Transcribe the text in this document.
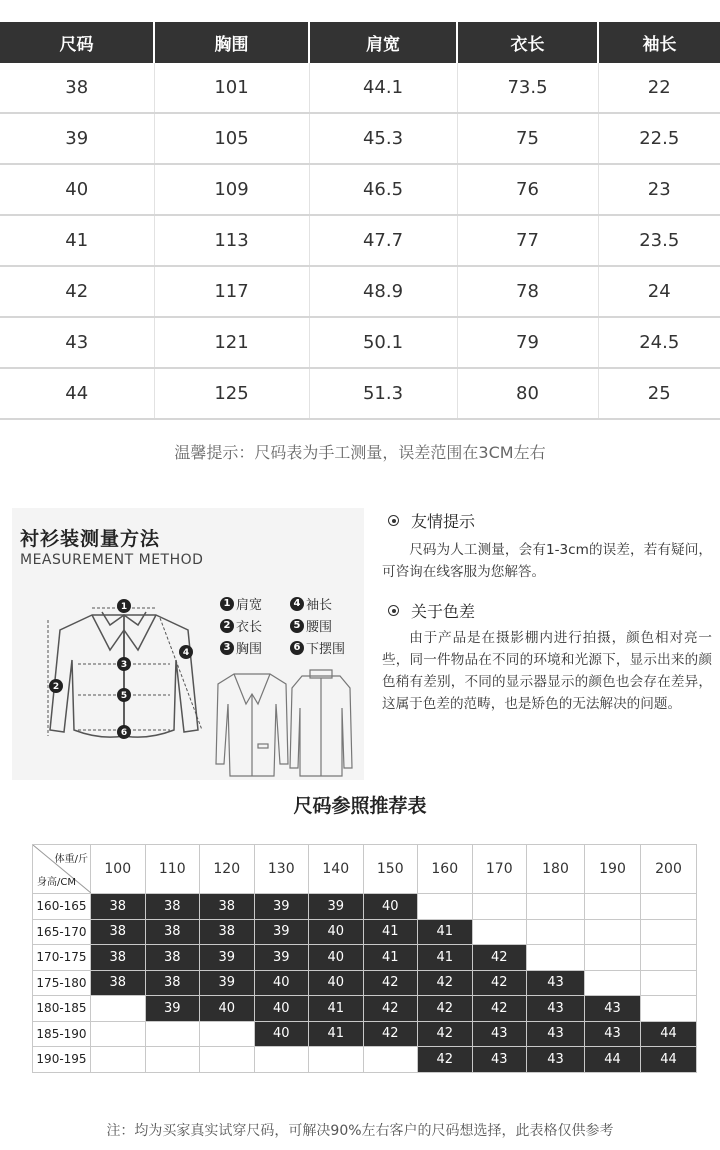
尺码	胸围	肩宽	衣长	袖长
38	101	44.1	73.5	22
39	105	45.3	75	22.5
40	109	46.5	76	23
41	113	47.7	77	23.5
42	117	48.9	78	24
43	121	50.1	79	24.5
44	125	51.3	80	25
温馨提示：尺码表为手工测量，误差范围在3CM左右
衬衫装测量方法
MEASUREMENT METHOD
1
2
3
4
5
6
1 肩宽	4 袖长
2 衣长	5 腰围
3 胸围	6 下摆围
友情提示
尺码为人工测量，会有1-3cm的误差，若有疑问，可咨询在线客服为您解答。
关于色差
由于产品是在摄影棚内进行拍摄，颜色相对亮一些，同一件物品在不同的环境和光源下，显示出来的颜色稍有差别，不同的显示器显示的颜色也会存在差异，这属于色差的范畴，也是矫色的无法解决的问题。
尺码参照推荐表
体重/斤
身高/CM	100	110	120	130	140	150	160	170	180	190	200
160-165	38	38	38	39	39	40					
165-170	38	38	38	39	40	41	41				
170-175	38	38	39	39	40	41	41	42			
175-180	38	38	39	40	40	42	42	42	43		
180-185		39	40	40	41	42	42	42	43	43	
185-190				40	41	42	42	43	43	43	44
190-195							42	43	43	44	44
注：均为买家真实试穿尺码，可解决90%左右客户的尺码想选择，此表格仅供参考
